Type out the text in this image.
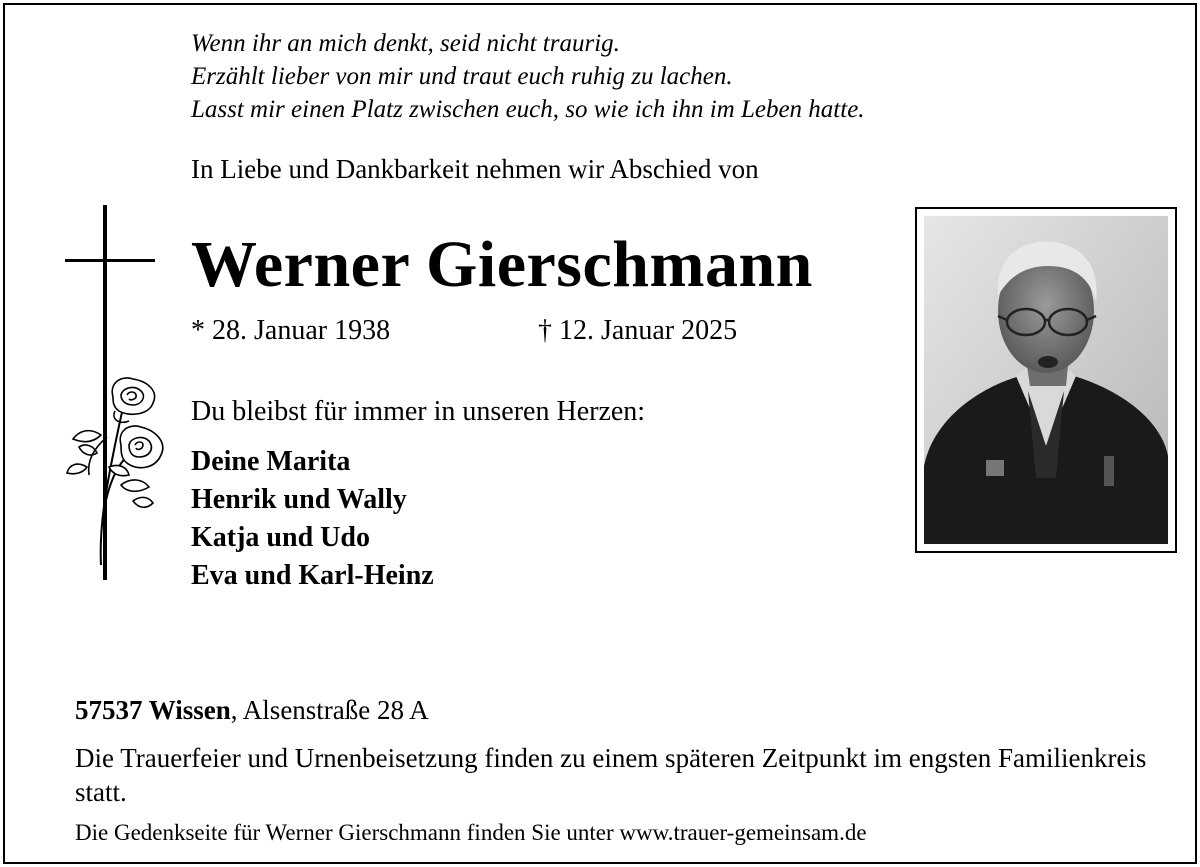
Wenn ihr an mich denkt, seid nicht traurig.
Erzählt lieber von mir und traut euch ruhig zu lachen.
Lasst mir einen Platz zwischen euch, so wie ich ihn im Leben hatte.
In Liebe und Dankbarkeit nehmen wir Abschied von
Werner Gierschmann
* 28. Januar 1938	† 12. Januar 2025
Du bleibst für immer in unseren Herzen:
Deine Marita
Henrik und Wally
Katja und Udo
Eva und Karl-Heinz
57537 Wissen, Alsenstraße 28 A
Die Trauerfeier und Urnenbeisetzung finden zu einem späteren Zeitpunkt im engsten Familienkreis statt.
Die Gedenkseite für Werner Gierschmann finden Sie unter www.trauer-gemeinsam.de
